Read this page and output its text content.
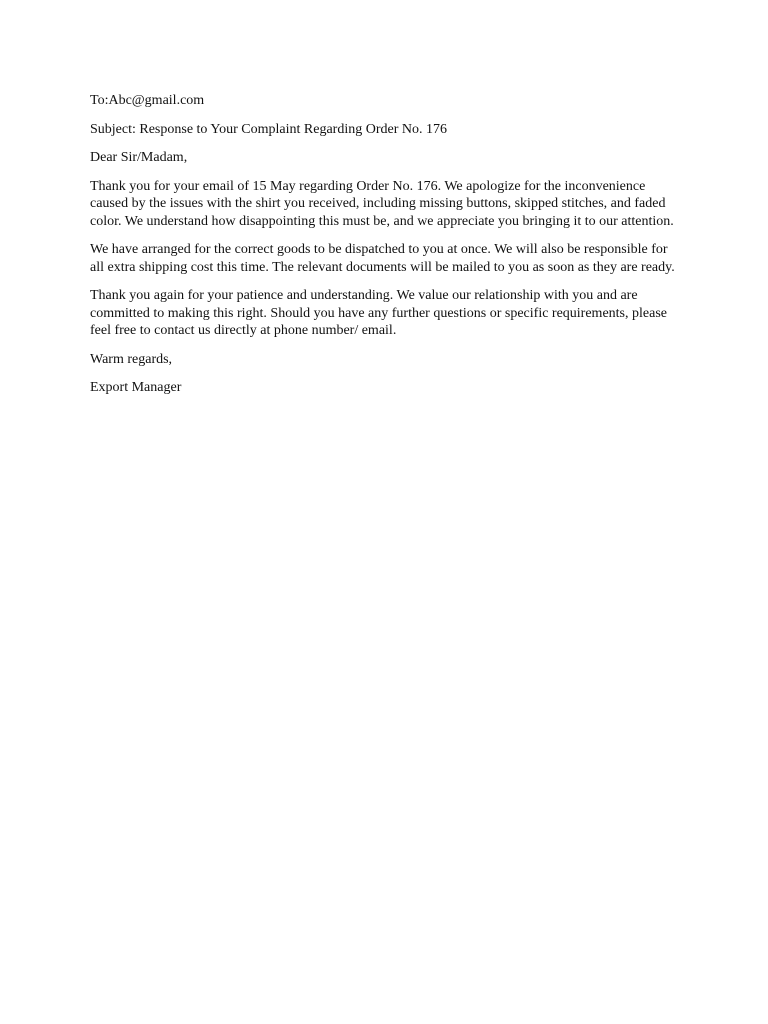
To:Abc@gmail.com

Subject: Response to Your Complaint Regarding Order No. 176

Dear Sir/Madam,

Thank you for your email of 15 May regarding Order No. 176. We apologize for the inconvenience caused by the issues with the shirt you received, including missing buttons, skipped stitches, and faded color. We understand how disappointing this must be, and we appreciate you bringing it to our attention.

We have arranged for the correct goods to be dispatched to you at once. We will also be responsible for all extra shipping cost this time. The relevant documents will be mailed to you as soon as they are ready.

Thank you again for your patience and understanding. We value our relationship with you and are committed to making this right. Should you have any further questions or specific requirements, please feel free to contact us directly at phone number/ email.

Warm regards,

Export Manager
